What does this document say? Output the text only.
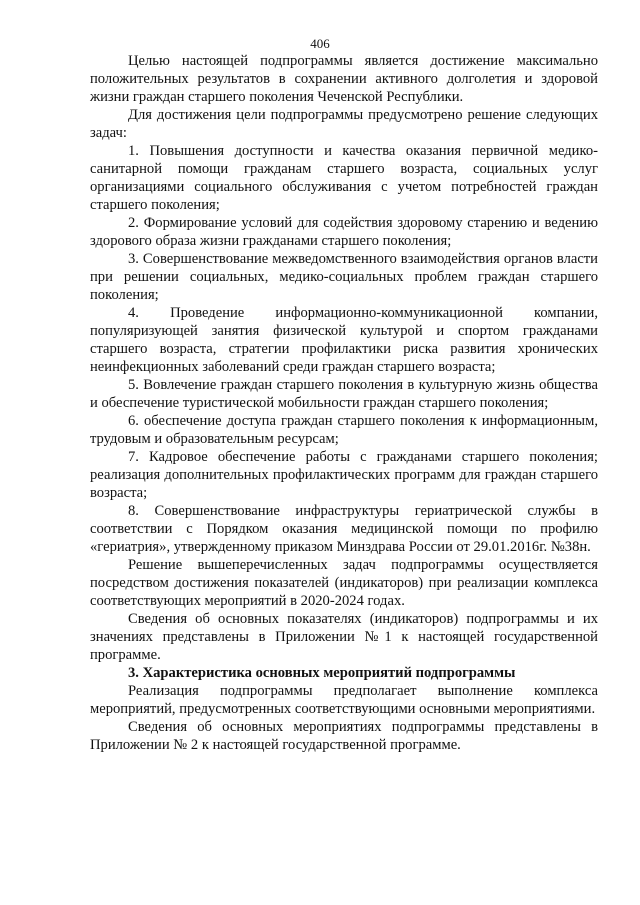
406

Целью настоящей подпрограммы является достижение максимально положительных результатов в сохранении активного долголетия и здоровой жизни граждан старшего поколения Чеченской Республики.

Для достижения цели подпрограммы предусмотрено решение следующих задач:

1. Повышения доступности и качества оказания первичной медико-санитарной помощи гражданам старшего возраста, социальных услуг организациями социального обслуживания с учетом потребностей граждан старшего поколения;

2. Формирование условий для содействия здоровому старению и ведению здорового образа жизни гражданами старшего поколения;

3. Совершенствование межведомственного взаимодействия органов власти при решении социальных, медико-социальных проблем граждан старшего поколения;

4. Проведение информационно-коммуникационной компании, популяризующей занятия физической культурой и спортом гражданами старшего возраста, стратегии профилактики риска развития хронических неинфекционных заболеваний среди граждан старшего возраста;

5. Вовлечение граждан старшего поколения в культурную жизнь общества и обеспечение туристической мобильности граждан старшего поколения;

6. обеспечение доступа граждан старшего поколения к информационным, трудовым и образовательным ресурсам;

7. Кадровое обеспечение работы с гражданами старшего поколения; реализация дополнительных профилактических программ для граждан старшего возраста;

8. Совершенствование инфраструктуры гериатрической службы в соответствии с Порядком оказания медицинской помощи по профилю «гериатрия», утвержденному приказом Минздрава России от 29.01.2016г. №38н.

Решение вышеперечисленных задач подпрограммы осуществляется посредством достижения показателей (индикаторов) при реализации комплекса соответствующих мероприятий в 2020-2024 годах.

Сведения об основных показателях (индикаторов) подпрограммы и их значениях представлены в Приложении №1 к настоящей государственной программе.

3. Характеристика основных мероприятий подпрограммы

Реализация подпрограммы предполагает выполнение комплекса мероприятий, предусмотренных соответствующими основными мероприятиями.

Сведения об основных мероприятиях подпрограммы представлены в Приложении № 2 к настоящей государственной программе.
